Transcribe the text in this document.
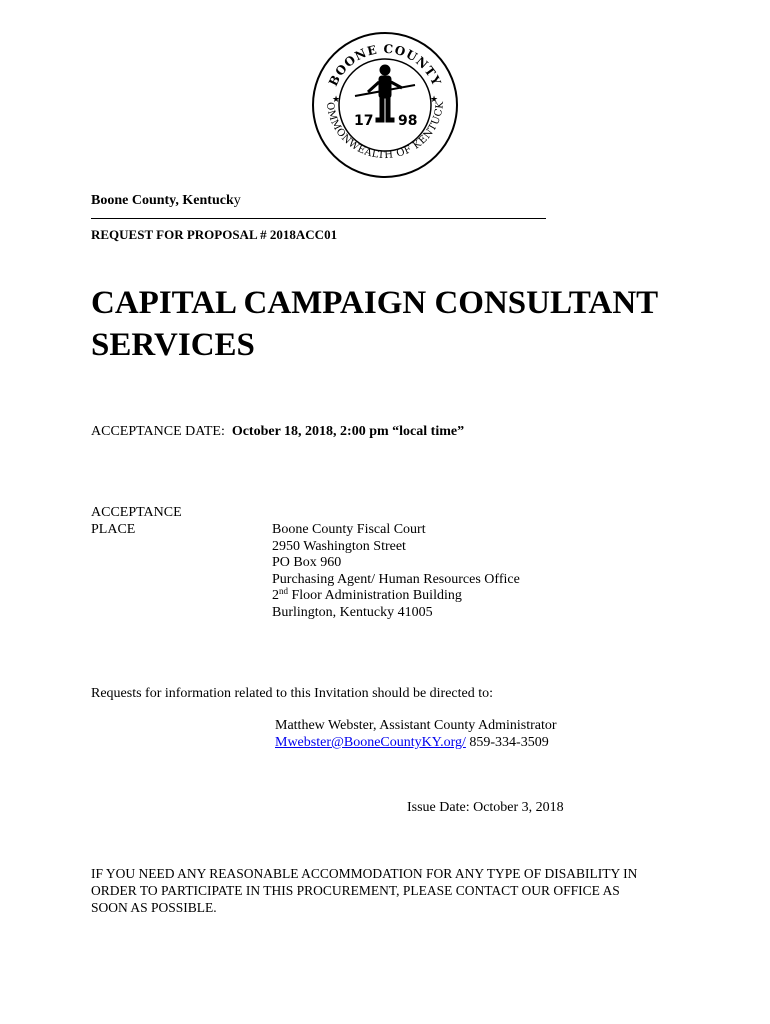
BOONE COUNTY
OMMONWEALTH OF KENTUCK
★	★
17 98
Boone County, Kentucky
REQUEST FOR PROPOSAL # 2018ACC01
CAPITAL CAMPAIGN CONSULTANT
SERVICES
ACCEPTANCE DATE: October 18, 2018, 2:00 pm “local time”
ACCEPTANCE
PLACE	Boone County Fiscal Court
2950 Washington Street
PO Box 960
Purchasing Agent/ Human Resources Office
2nd Floor Administration Building
Burlington, Kentucky 41005
Requests for information related to this Invitation should be directed to:
Matthew Webster, Assistant County Administrator
Mwebster@BooneCountyKY.org/ 859-334-3509
Issue Date: October 3, 2018
IF YOU NEED ANY REASONABLE ACCOMMODATION FOR ANY TYPE OF DISABILITY IN
ORDER TO PARTICIPATE IN THIS PROCUREMENT, PLEASE CONTACT OUR OFFICE AS
SOON AS POSSIBLE.
